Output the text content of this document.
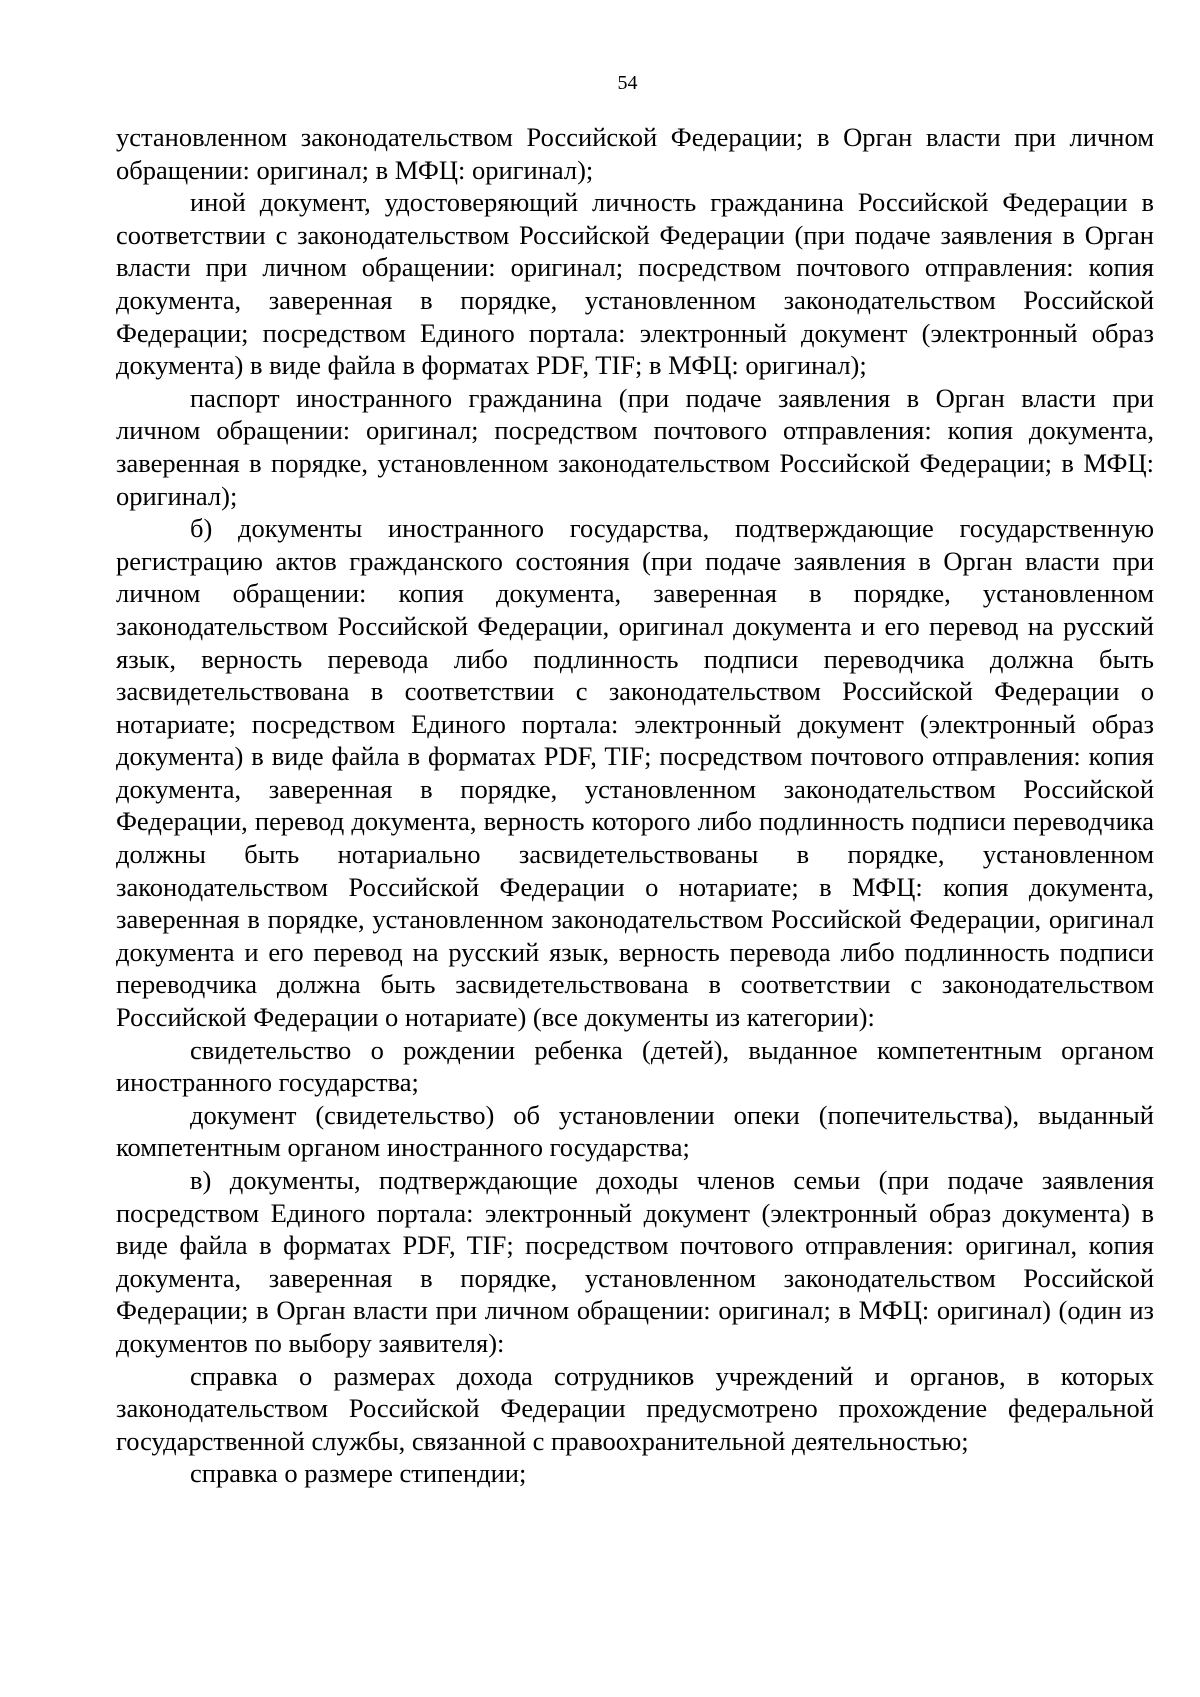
54

установленном законодательством Российской Федерации; в Орган власти при личном обращении: оригинал; в МФЦ: оригинал);

иной документ, удостоверяющий личность гражданина Российской Федерации в соответствии с законодательством Российской Федерации (при подаче заявления в Орган власти при личном обращении: оригинал; посредством почтового отправления: копия документа, заверенная в порядке, установленном законодательством Российской Федерации; посредством Единого портала: электронный документ (электронный образ документа) в виде файла в форматах PDF, TIF; в МФЦ: оригинал);

паспорт иностранного гражданина (при подаче заявления в Орган власти при личном обращении: оригинал; посредством почтового отправления: копия документа, заверенная в порядке, установленном законодательством Российской Федерации; в МФЦ: оригинал);

б) документы иностранного государства, подтверждающие государственную регистрацию актов гражданского состояния (при подаче заявления в Орган власти при личном обращении: копия документа, заверенная в порядке, установленном законодательством Российской Федерации, оригинал документа и его перевод на русский язык, верность перевода либо подлинность подписи переводчика должна быть засвидетельствована в соответствии с законодательством Российской Федерации о нотариате; посредством Единого портала: электронный документ (электронный образ документа) в виде файла в форматах PDF, TIF; посредством почтового отправления: копия документа, заверенная в порядке, установленном законодательством Российской Федерации, перевод документа, верность которого либо подлинность подписи переводчика должны быть нотариально засвидетельствованы в порядке, установленном законодательством Российской Федерации о нотариате; в МФЦ: копия документа, заверенная в порядке, установленном законодательством Российской Федерации, оригинал документа и его перевод на русский язык, верность перевода либо подлинность подписи переводчика должна быть засвидетельствована в соответствии с законодательством Российской Федерации о нотариате) (все документы из категории):

свидетельство о рождении ребенка (детей), выданное компетентным органом иностранного государства;

документ (свидетельство) об установлении опеки (попечительства), выданный компетентным органом иностранного государства;

в) документы, подтверждающие доходы членов семьи (при подаче заявления посредством Единого портала: электронный документ (электронный образ документа) в виде файла в форматах PDF, TIF; посредством почтового отправления: оригинал, копия документа, заверенная в порядке, установленном законодательством Российской Федерации; в Орган власти при личном обращении: оригинал; в МФЦ: оригинал) (один из документов по выбору заявителя):

справка о размерах дохода сотрудников учреждений и органов, в которых законодательством Российской Федерации предусмотрено прохождение федеральной государственной службы, связанной с правоохранительной деятельностью;

справка о размере стипендии;
